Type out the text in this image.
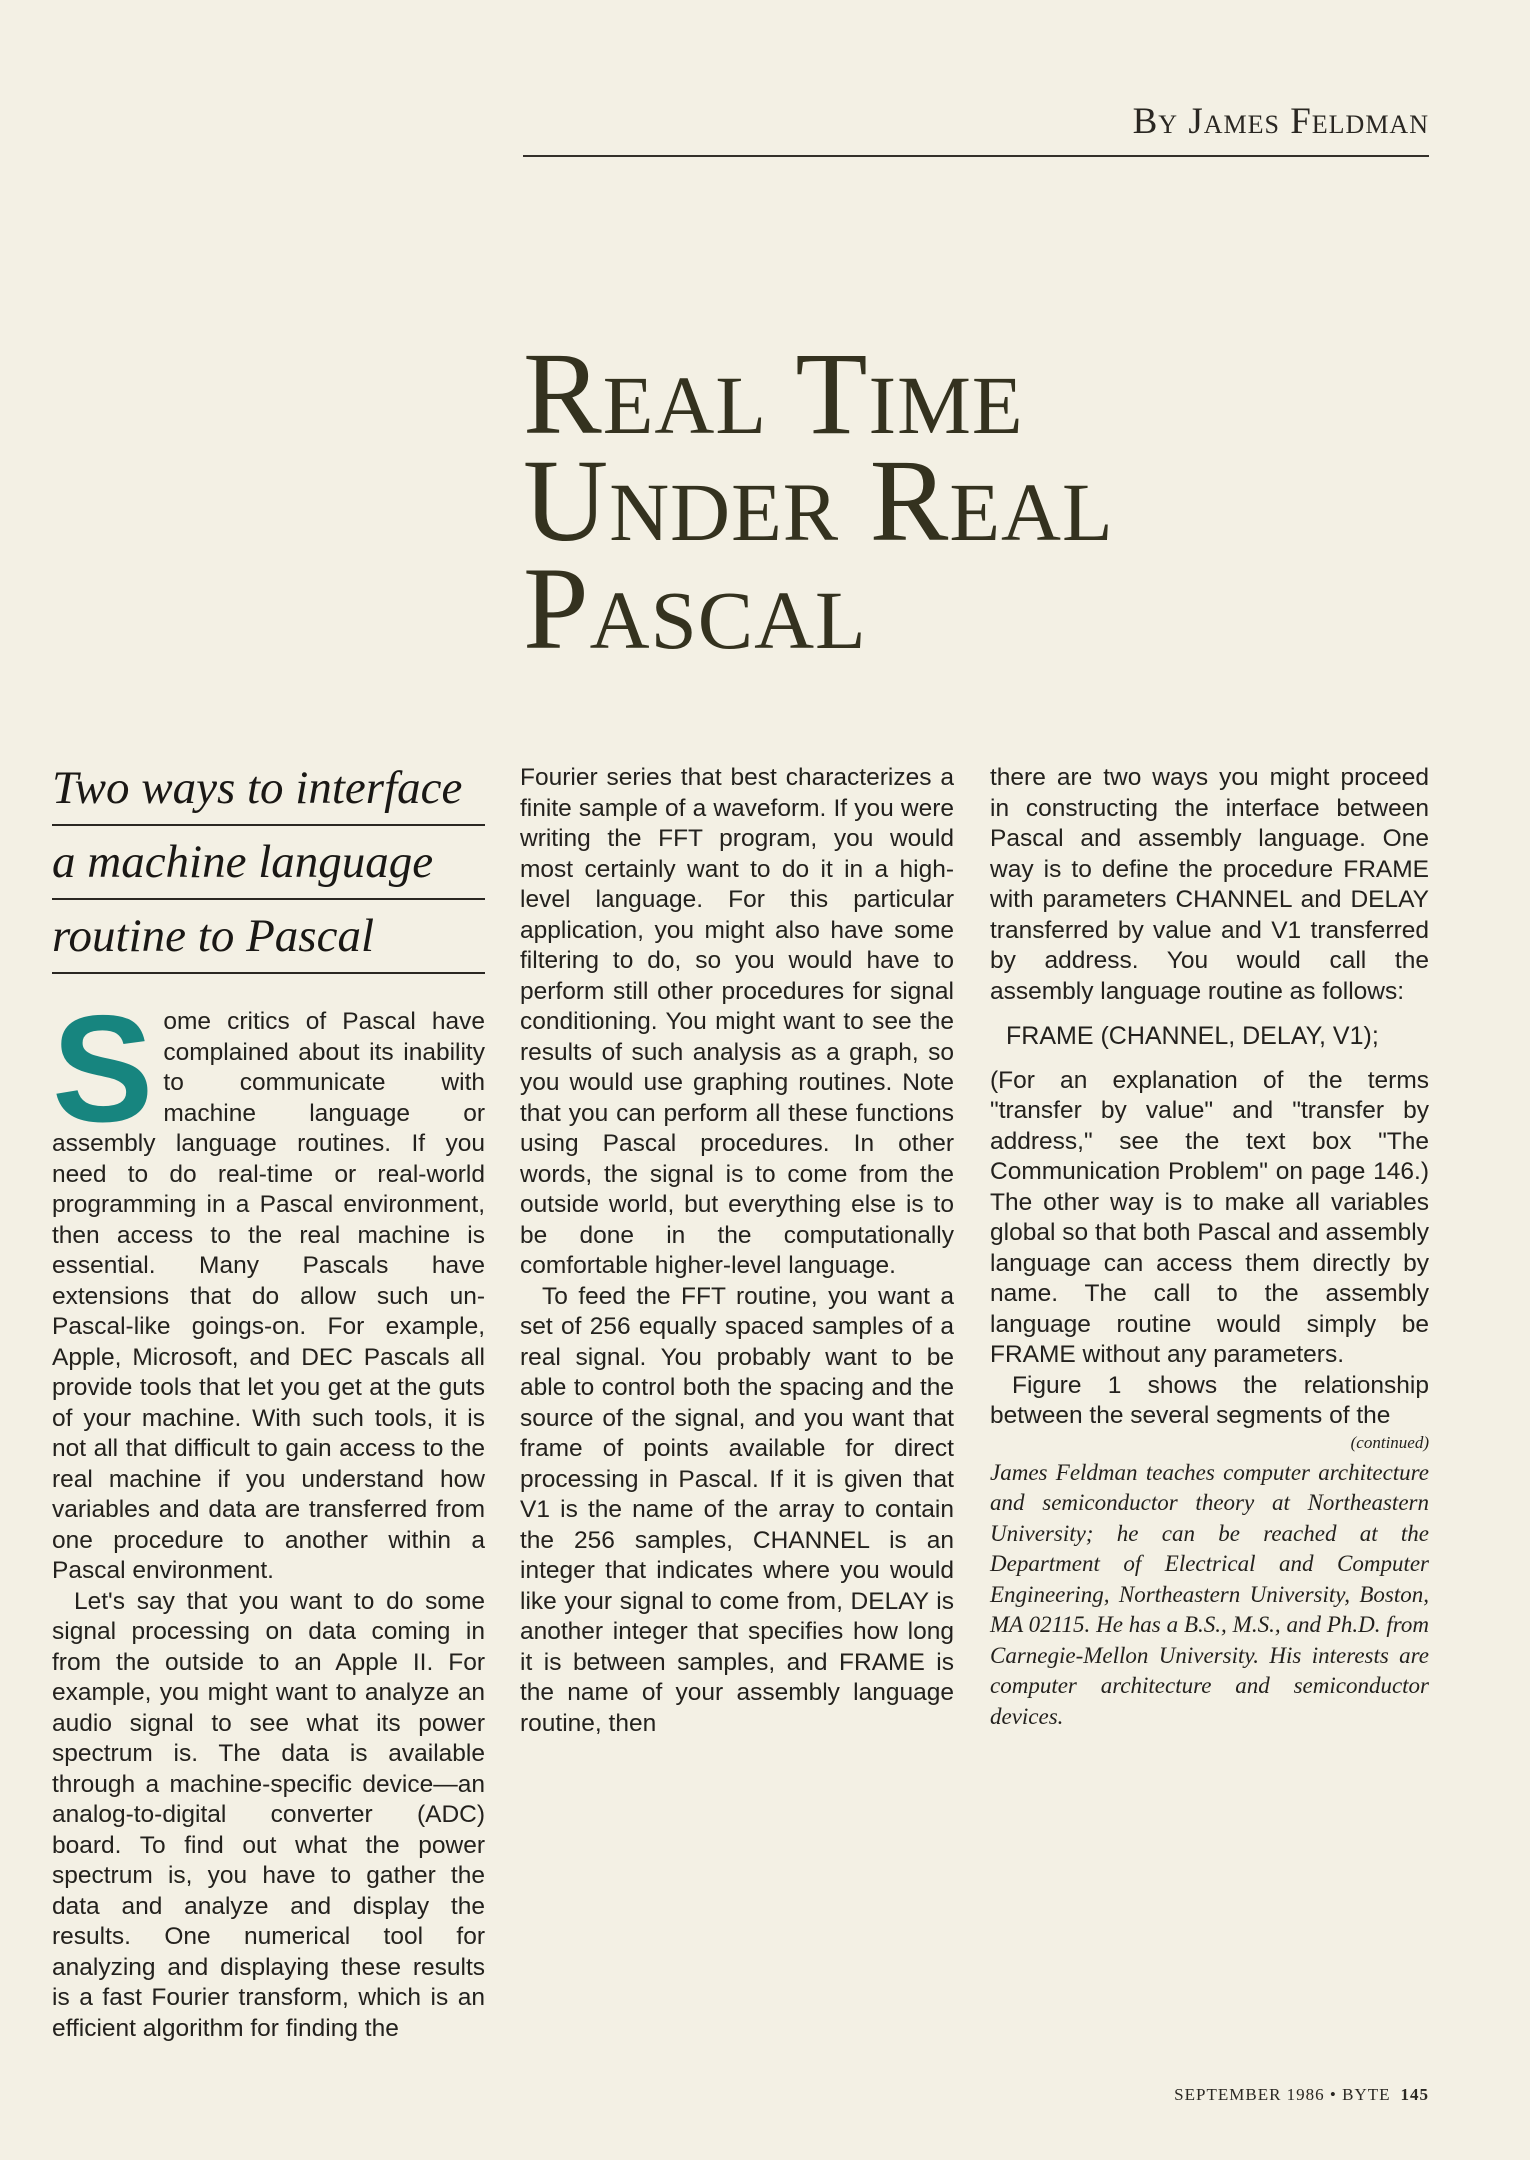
By James Feldman
Real Time
Under Real
Pascal
Two ways to interface
a machine language
routine to Pascal

Some critics of Pascal have complained about its inability to communicate with machine language or assembly language routines. If you need to do real-time or real-world programming in a Pascal environment, then access to the real machine is essential. Many Pascals have extensions that do allow such un-Pascal-like goings-on. For example, Apple, Microsoft, and DEC Pascals all provide tools that let you get at the guts of your machine. With such tools, it is not all that difficult to gain access to the real machine if you understand how variables and data are transferred from one procedure to another within a Pascal environment.

Let's say that you want to do some signal processing on data coming in from the outside to an Apple II. For example, you might want to analyze an audio signal to see what its power spectrum is. The data is available through a machine-specific device—an analog-to-digital converter (ADC) board. To find out what the power spectrum is, you have to gather the data and analyze and display the results. One numerical tool for analyzing and displaying these results is a fast Fourier transform, which is an efficient algorithm for finding the

Fourier series that best characterizes a finite sample of a waveform. If you were writing the FFT program, you would most certainly want to do it in a high-level language. For this particular application, you might also have some filtering to do, so you would have to perform still other procedures for signal conditioning. You might want to see the results of such analysis as a graph, so you would use graphing routines. Note that you can perform all these functions using Pascal procedures. In other words, the signal is to come from the outside world, but everything else is to be done in the computationally comfortable higher-level language.

To feed the FFT routine, you want a set of 256 equally spaced samples of a real signal. You probably want to be able to control both the spacing and the source of the signal, and you want that frame of points available for direct processing in Pascal. If it is given that V1 is the name of the array to contain the 256 samples, CHANNEL is an integer that indicates where you would like your signal to come from, DELAY is another integer that specifies how long it is between samples, and FRAME is the name of your assembly language routine, then

there are two ways you might proceed in constructing the interface between Pascal and assembly language. One way is to define the procedure FRAME with parameters CHANNEL and DELAY transferred by value and V1 transferred by address. You would call the assembly language routine as follows:

FRAME (CHANNEL, DELAY, V1);

(For an explanation of the terms "transfer by value" and "transfer by address," see the text box "The Communication Problem" on page 146.) The other way is to make all variables global so that both Pascal and assembly language can access them directly by name. The call to the assembly language routine would simply be FRAME without any parameters.

Figure 1 shows the relationship between the several segments of the

(continued)
James Feldman teaches computer architecture and semiconductor theory at Northeastern University; he can be reached at the Department of Electrical and Computer Engineering, Northeastern University, Boston, MA 02115. He has a B.S., M.S., and Ph.D. from Carnegie-Mellon University. His interests are computer architecture and semiconductor devices.
SEPTEMBER 1986 • BYTE 145
